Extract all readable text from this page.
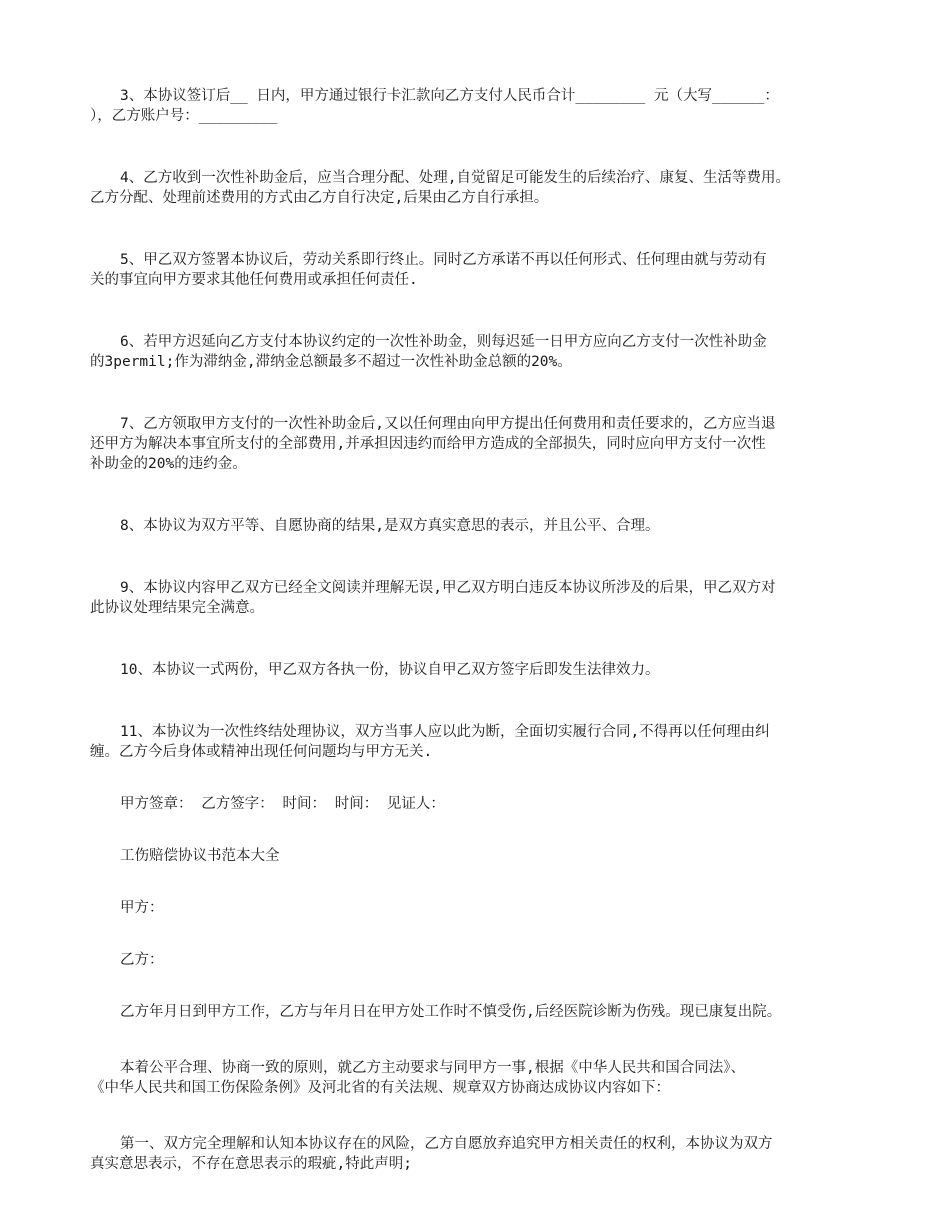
3、本协议签订后__ 日内，甲方通过银行卡汇款向乙方支付人民币合计________ 元（大写______：
），乙方账户号：_________

4、乙方收到一次性补助金后，应当合理分配、处理,自觉留足可能发生的后续治疗、康复、生活等费用。
乙方分配、处理前述费用的方式由乙方自行决定,后果由乙方自行承担。

5、甲乙双方签署本协议后，劳动关系即行终止。同时乙方承诺不再以任何形式、任何理由就与劳动有
关的事宜向甲方要求其他任何费用或承担任何责任.

6、若甲方迟延向乙方支付本协议约定的一次性补助金，则每迟延一日甲方应向乙方支付一次性补助金
的3permil;作为滞纳金,滞纳金总额最多不超过一次性补助金总额的20%。

7、乙方领取甲方支付的一次性补助金后,又以任何理由向甲方提出任何费用和责任要求的，乙方应当退
还甲方为解决本事宜所支付的全部费用,并承担因违约而给甲方造成的全部损失，同时应向甲方支付一次性
补助金的20%的违约金。

8、本协议为双方平等、自愿协商的结果,是双方真实意思的表示，并且公平、合理。

9、本协议内容甲乙双方已经全文阅读并理解无误,甲乙双方明白违反本协议所涉及的后果，甲乙双方对
此协议处理结果完全满意。

10、本协议一式两份，甲乙双方各执一份，协议自甲乙双方签字后即发生法律效力。

11、本协议为一次性终结处理协议，双方当事人应以此为断，全面切实履行合同,不得再以任何理由纠
缠。乙方今后身体或精神出现任何问题均与甲方无关.

甲方签章： 乙方签字： 时间： 时间： 见证人：

工伤赔偿协议书范本大全

甲方：

乙方：

乙方年月日到甲方工作，乙方与年月日在甲方处工作时不慎受伤,后经医院诊断为伤残。现已康复出院。

本着公平合理、协商一致的原则，就乙方主动要求与同甲方一事,根据《中华人民共和国合同法》、
《中华人民共和国工伤保险条例》及河北省的有关法规、规章双方协商达成协议内容如下：

第一、双方完全理解和认知本协议存在的风险，乙方自愿放弃追究甲方相关责任的权利，本协议为双方
真实意思表示，不存在意思表示的瑕疵,特此声明;
